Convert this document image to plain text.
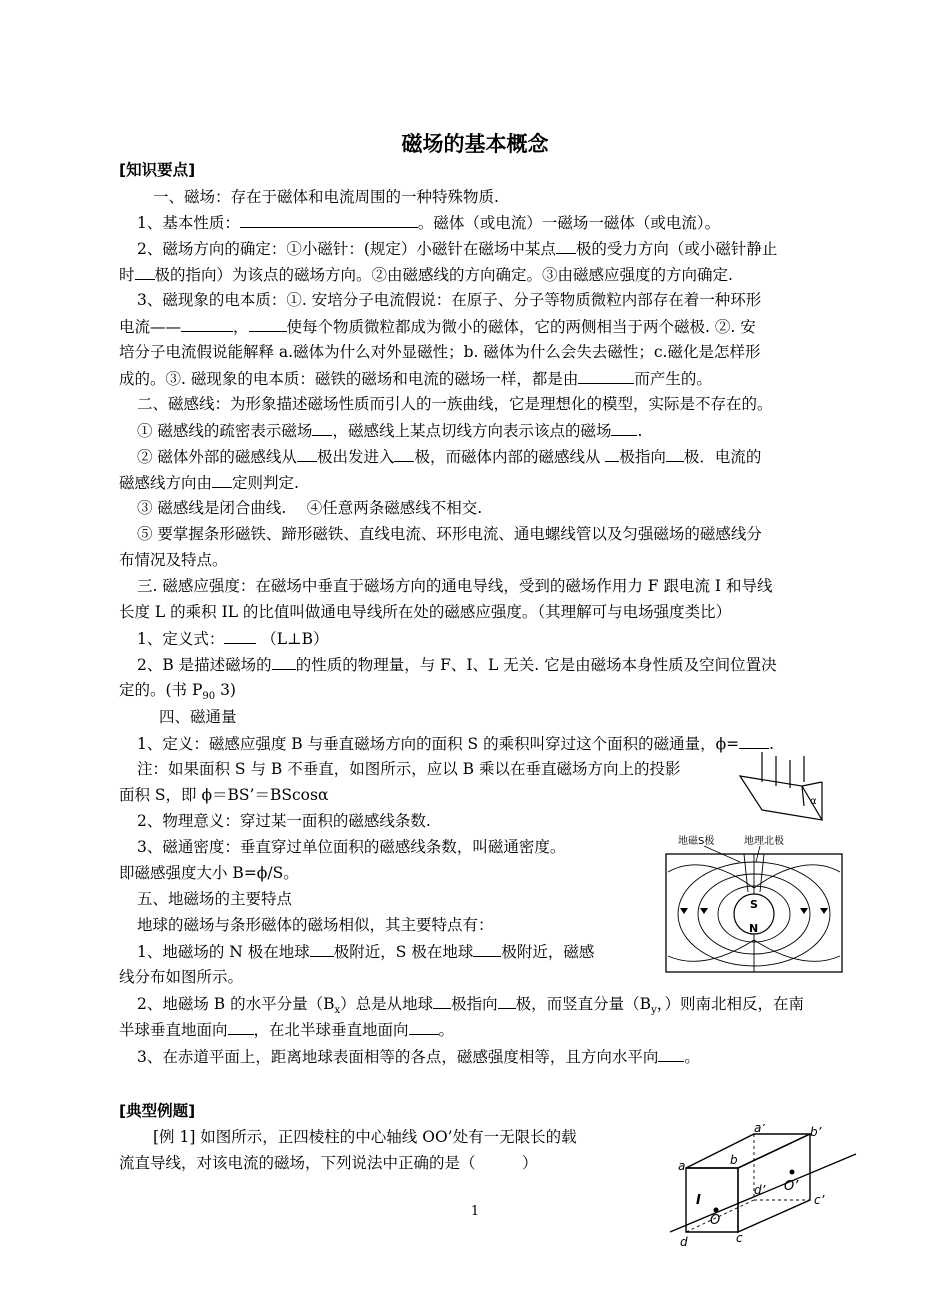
磁场的基本概念
[知识要点]
一、磁场：存在于磁体和电流周围的一种特殊物质.
1、基本性质：	。磁体（或电流）一磁场一磁体（或电流）。
2、磁场方向的确定：①小磁针：(规定）小磁针在磁场中某点 极的受力方向（或小磁针静止
时 极的指向）为该点的磁场方向。②由磁感线的方向确定。③由磁感应强度的方向确定.
3、磁现象的电本质：①. 安培分子电流假说：在原子、分子等物质微粒内部存在着一种环形
电流——	， 使每个物质微粒都成为微小的磁体，它的两侧相当于两个磁极. ②. 安
培分子电流假说能解释 a.磁体为什么对外显磁性；b. 磁体为什么会失去磁性；c.磁化是怎样形
成的。③. 磁现象的电本质：磁铁的磁场和电流的磁场一样，都是由	而产生的。
二、磁感线：为形象描述磁场性质而引人的一族曲线，它是理想化的模型，实际是不存在的。
① 磁感线的疏密表示磁场 ，磁感线上某点切线方向表示该点的磁场 .
② 磁体外部的磁感线从 极出发进入 极，而磁体内部的磁感线从 极指向 极．电流的
磁感线方向由 定则判定.
③ 磁感线是闭合曲线.　 ④任意两条磁感线不相交.
⑤ 要掌握条形磁铁、蹄形磁铁、直线电流、环形电流、通电螺线管以及匀强磁场的磁感线分
布情况及特点。
三. 磁感应强度：在磁场中垂直于磁场方向的通电导线，受到的磁场作用力 F 跟电流 I 和导线
长度 L 的乘积 IL 的比值叫做通电导线所在处的磁感应强度。（其理解可与电场强度类比）
1、定义式： （L⊥B）
2、B 是描述磁场的 的性质的物理量，与 F、I、L 无关. 它是由磁场本身性质及空间位置决
定的。(书 $P_{90}$ 3)
四、磁通量
1、定义：磁感应强度 B 与垂直磁场方向的面积 S 的乘积叫穿过这个面积的磁通量，ϕ= .
注：如果面积 S 与 B 不垂直，如图所示，应以 B 乘以在垂直磁场方向上的投影
面积 S，即 ϕ＝BS’＝BScosα
2、物理意义：穿过某一面积的磁感线条数.
3、磁通密度：垂直穿过单位面积的磁感线条数，叫磁通密度。
即磁感强度大小 B=ϕ/S。
五、地磁场的主要特点
地球的磁场与条形磁体的磁场相似，其主要特点有：
1、地磁场的 N 极在地球 极附近，S 极在地球 极附近，磁感
线分布如图所示。
2、地磁场 B 的水平分量$(B_x)$总是从地球 极指向 极，而竖直分量（$B_y$，）则南北相反，在南
半球垂直地面向 ，在北半球垂直地面向 。
3、在赤道平面上，距离地球表面相等的各点，磁感强度相等，且方向水平向 。
[典型例题]
[例 1] 如图所示，正四棱柱的中心轴线 OO’处有一无限长的载
流直导线，对该电流的磁场，下列说法中正确的是（　　　）
1
α
地磁S极	地理北极
S
N
a	b
a’	b’
c
c’
d
d’
O
O’
I
